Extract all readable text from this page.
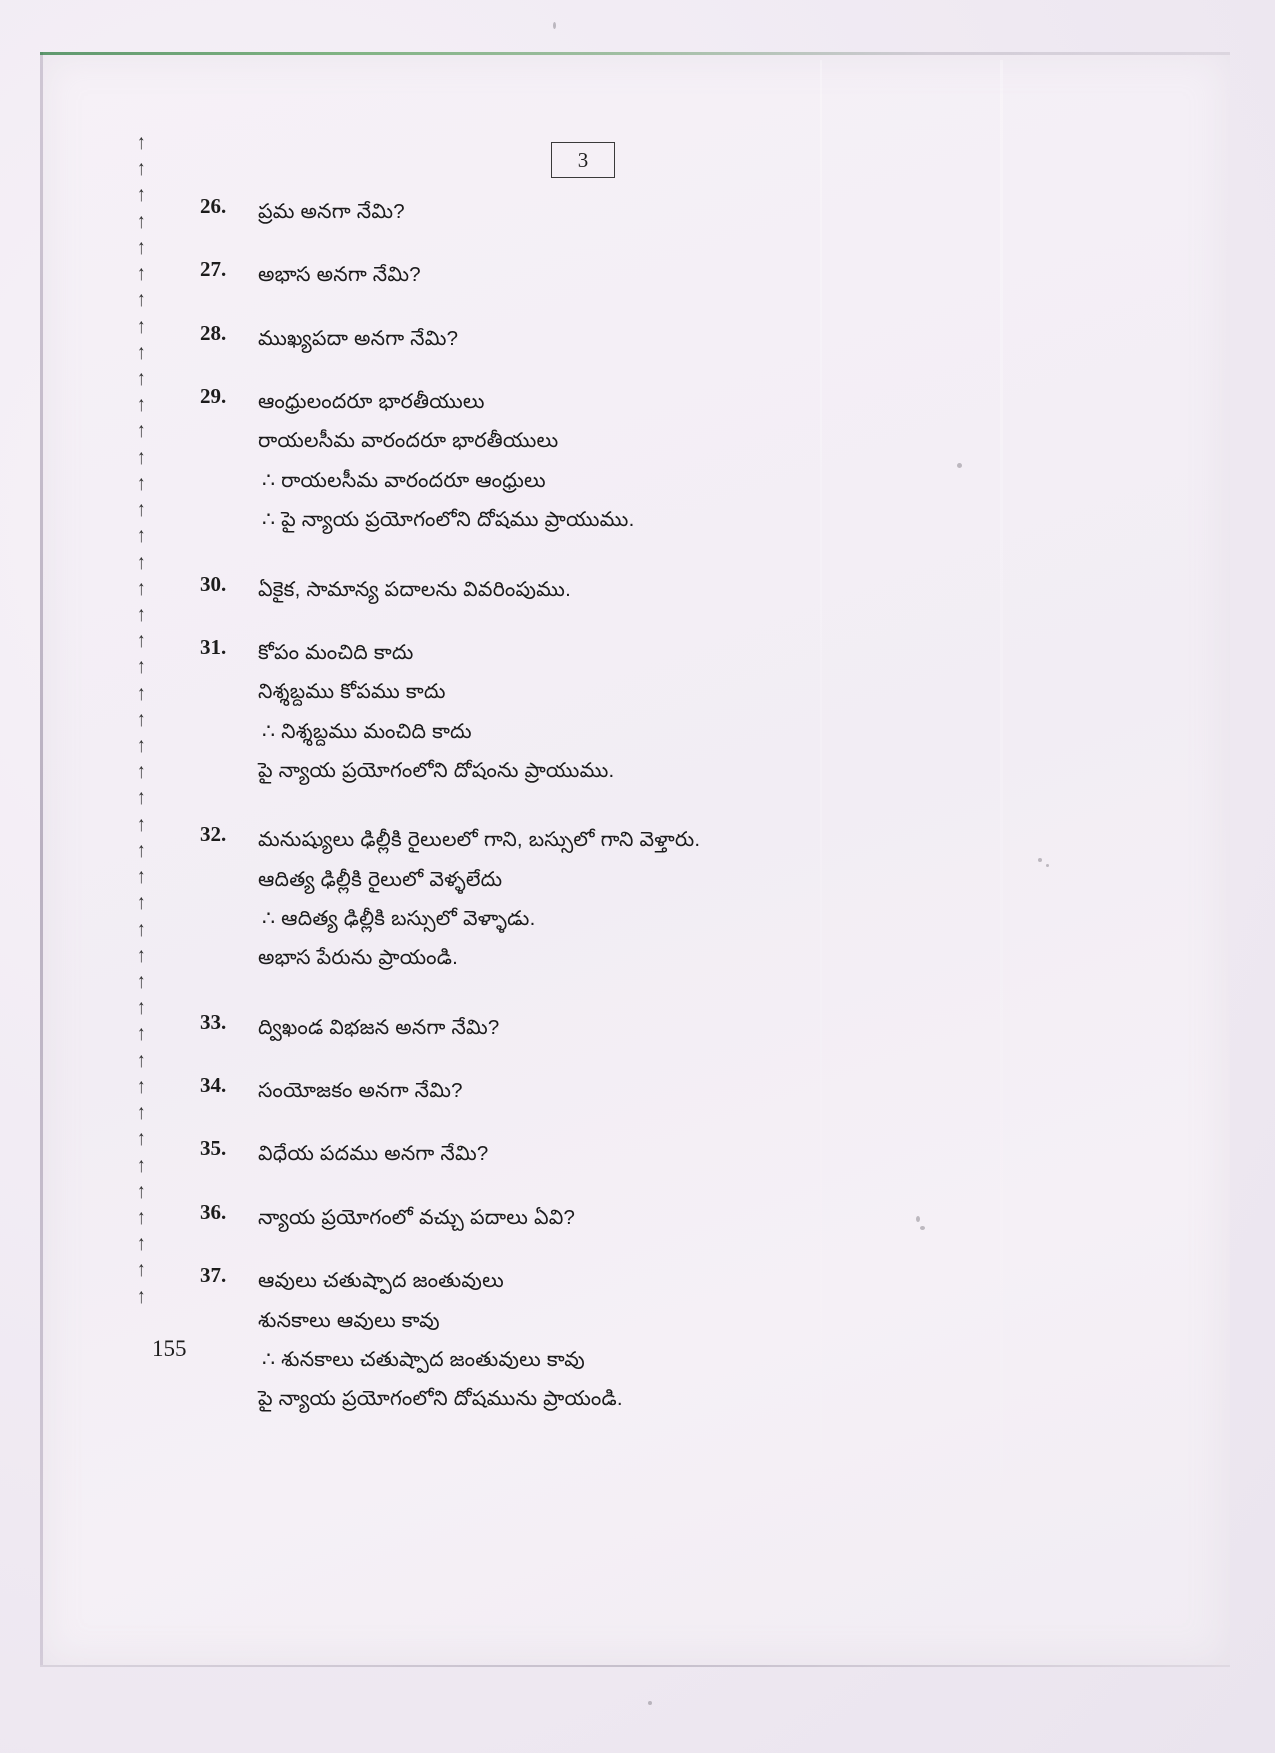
↑
↑
↑
↑
↑
↑
↑
↑
↑
↑
↑
↑
↑
↑
↑
↑
↑
↑
↑
↑
↑
↑
↑
↑
↑
↑
↑
↑
↑
↑
↑
↑
↑
↑
↑
↑
↑
↑
↑
↑
↑
↑
↑
↑
↑
3
26.	ప్రమ అనగా నేమి?
27.	అభాస అనగా నేమి?
28.	ముఖ్యపదా అనగా నేమి?
29.	ఆంధ్రులందరూ భారతీయులు
రాయలసీమ వారందరూ భారతీయులు
∴ రాయలసీమ వారందరూ ఆంధ్రులు
∴ పై న్యాయ ప్రయోగంలోని దోషము ప్రాయుము.
30.	ఏకైక, సామాన్య పదాలను వివరింపుము.
31.	కోపం మంచిది కాదు
నిశ్శబ్దము కోపము కాదు
∴ నిశ్శబ్దము మంచిది కాదు
పై న్యాయ ప్రయోగంలోని దోషంను ప్రాయుము.
32.	మనుష్యులు ఢిల్లీకి రైలులలో గాని, బస్సులో గాని వెళ్తారు.
ఆదిత్య ఢిల్లీకి రైలులో వెళ్ళలేదు
∴ ఆదిత్య ఢిల్లీకి బస్సులో వెళ్ళాడు.
అభాస పేరును ప్రాయండి.
33.	ద్విఖండ విభజన అనగా నేమి?
34.	సంయోజకం అనగా నేమి?
35.	విధేయ పదము అనగా నేమి?
36.	న్యాయ ప్రయోగంలో వచ్చు పదాలు ఏవి?
37.	ఆవులు చతుష్పాద జంతువులు
శునకాలు ఆవులు కావు
∴ శునకాలు చతుష్పాద జంతువులు కావు
పై న్యాయ ప్రయోగంలోని దోషమును ప్రాయండి.
155
